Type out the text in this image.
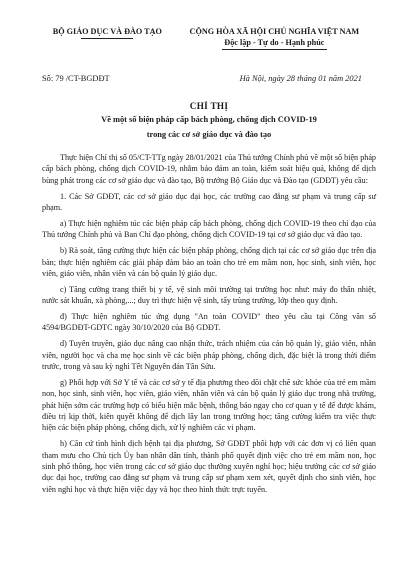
BỘ GIÁO DỤC VÀ ĐÀO TẠO	CỘNG HÒA XÃ HỘI CHỦ NGHĨA VIỆT NAM
Độc lập - Tự do - Hạnh phúc
Số: 79 /CT-BGDĐT	Hà Nội, ngày 28 tháng 01 năm 2021
CHỈ THỊ
Về một số biện pháp cấp bách phòng, chống dịch COVID-19
trong các cơ sở giáo dục và đào tạo

Thực hiện Chỉ thị số 05/CT-TTg ngày 28/01/2021 của Thủ tướng Chính phủ về một số biện pháp cấp bách phòng, chống dịch COVID-19, nhằm bảo đảm an toàn, kiểm soát hiệu quả, không để dịch bùng phát trong các cơ sở giáo dục và đào tạo, Bộ trưởng Bộ Giáo dục và Đào tạo (GDĐT) yêu cầu:

1. Các Sở GDĐT, các cơ sở giáo dục đại học, các trường cao đẳng sư phạm và trung cấp sư phạm.

a) Thực hiện nghiêm túc các biện pháp cấp bách phòng, chống dịch COVID-19 theo chỉ đạo của Thủ tướng Chính phủ và Ban Chỉ đạo phòng, chống dịch COVID-19 tại cơ sở giáo dục và đào tạo.

b) Rà soát, tăng cường thực hiện các biện pháp phòng, chống dịch tại các cơ sở giáo dục trên địa bàn; thực hiện nghiêm các giải pháp đảm bảo an toàn cho trẻ em mầm non, học sinh, sinh viên, học viên, giáo viên, nhân viên và cán bộ quản lý giáo dục.

c) Tăng cường trang thiết bị y tế, vệ sinh môi trường tại trường học như: máy đo thân nhiệt, nước sát khuẩn, xà phòng,...; duy trì thực hiện vệ sinh, tẩy trùng trường, lớp theo quy định.

đ) Thực hiện nghiêm túc ứng dụng "An toàn COVID" theo yêu cầu tại Công văn số 4594/BGDĐT-GDTC ngày 30/10/2020 của Bộ GDĐT.

d) Tuyên truyền, giáo dục nâng cao nhận thức, trách nhiệm của cán bộ quản lý, giáo viên, nhân viên, người học và cha mẹ học sinh về các biện pháp phòng, chống dịch, đặc biệt là trong thời điểm trước, trong và sau kỳ nghỉ Tết Nguyên đán Tân Sửu.

g) Phối hợp với Sở Y tế và các cơ sở y tế địa phương theo dõi chặt chẽ sức khỏe của trẻ em mầm non, học sinh, sinh viên, học viên, giáo viên, nhân viên và cán bộ quản lý giáo dục trong nhà trường, phát hiện sớm các trường hợp có biểu hiện mắc bệnh, thông báo ngay cho cơ quan y tế để được khám, điều trị kịp thời, kiên quyết không để dịch lây lan trong trường học; tăng cường kiểm tra việc thực hiện các biện pháp phòng, chống dịch, xử lý nghiêm các vi phạm.

h) Căn cứ tình hình dịch bệnh tại địa phương, Sở GDĐT phối hợp với các đơn vị có liên quan tham mưu cho Chủ tịch Ủy ban nhân dân tỉnh, thành phố quyết định việc cho trẻ em mầm non, học sinh phổ thông, học viên trong các cơ sở giáo dục thường xuyên nghỉ học; hiệu trưởng các cơ sở giáo dục đại học, trường cao đẳng sư phạm và trung cấp sư phạm xem xét, quyết định cho sinh viên, học viên nghỉ học và thực hiện việc dạy và học theo hình thức trực tuyến.
